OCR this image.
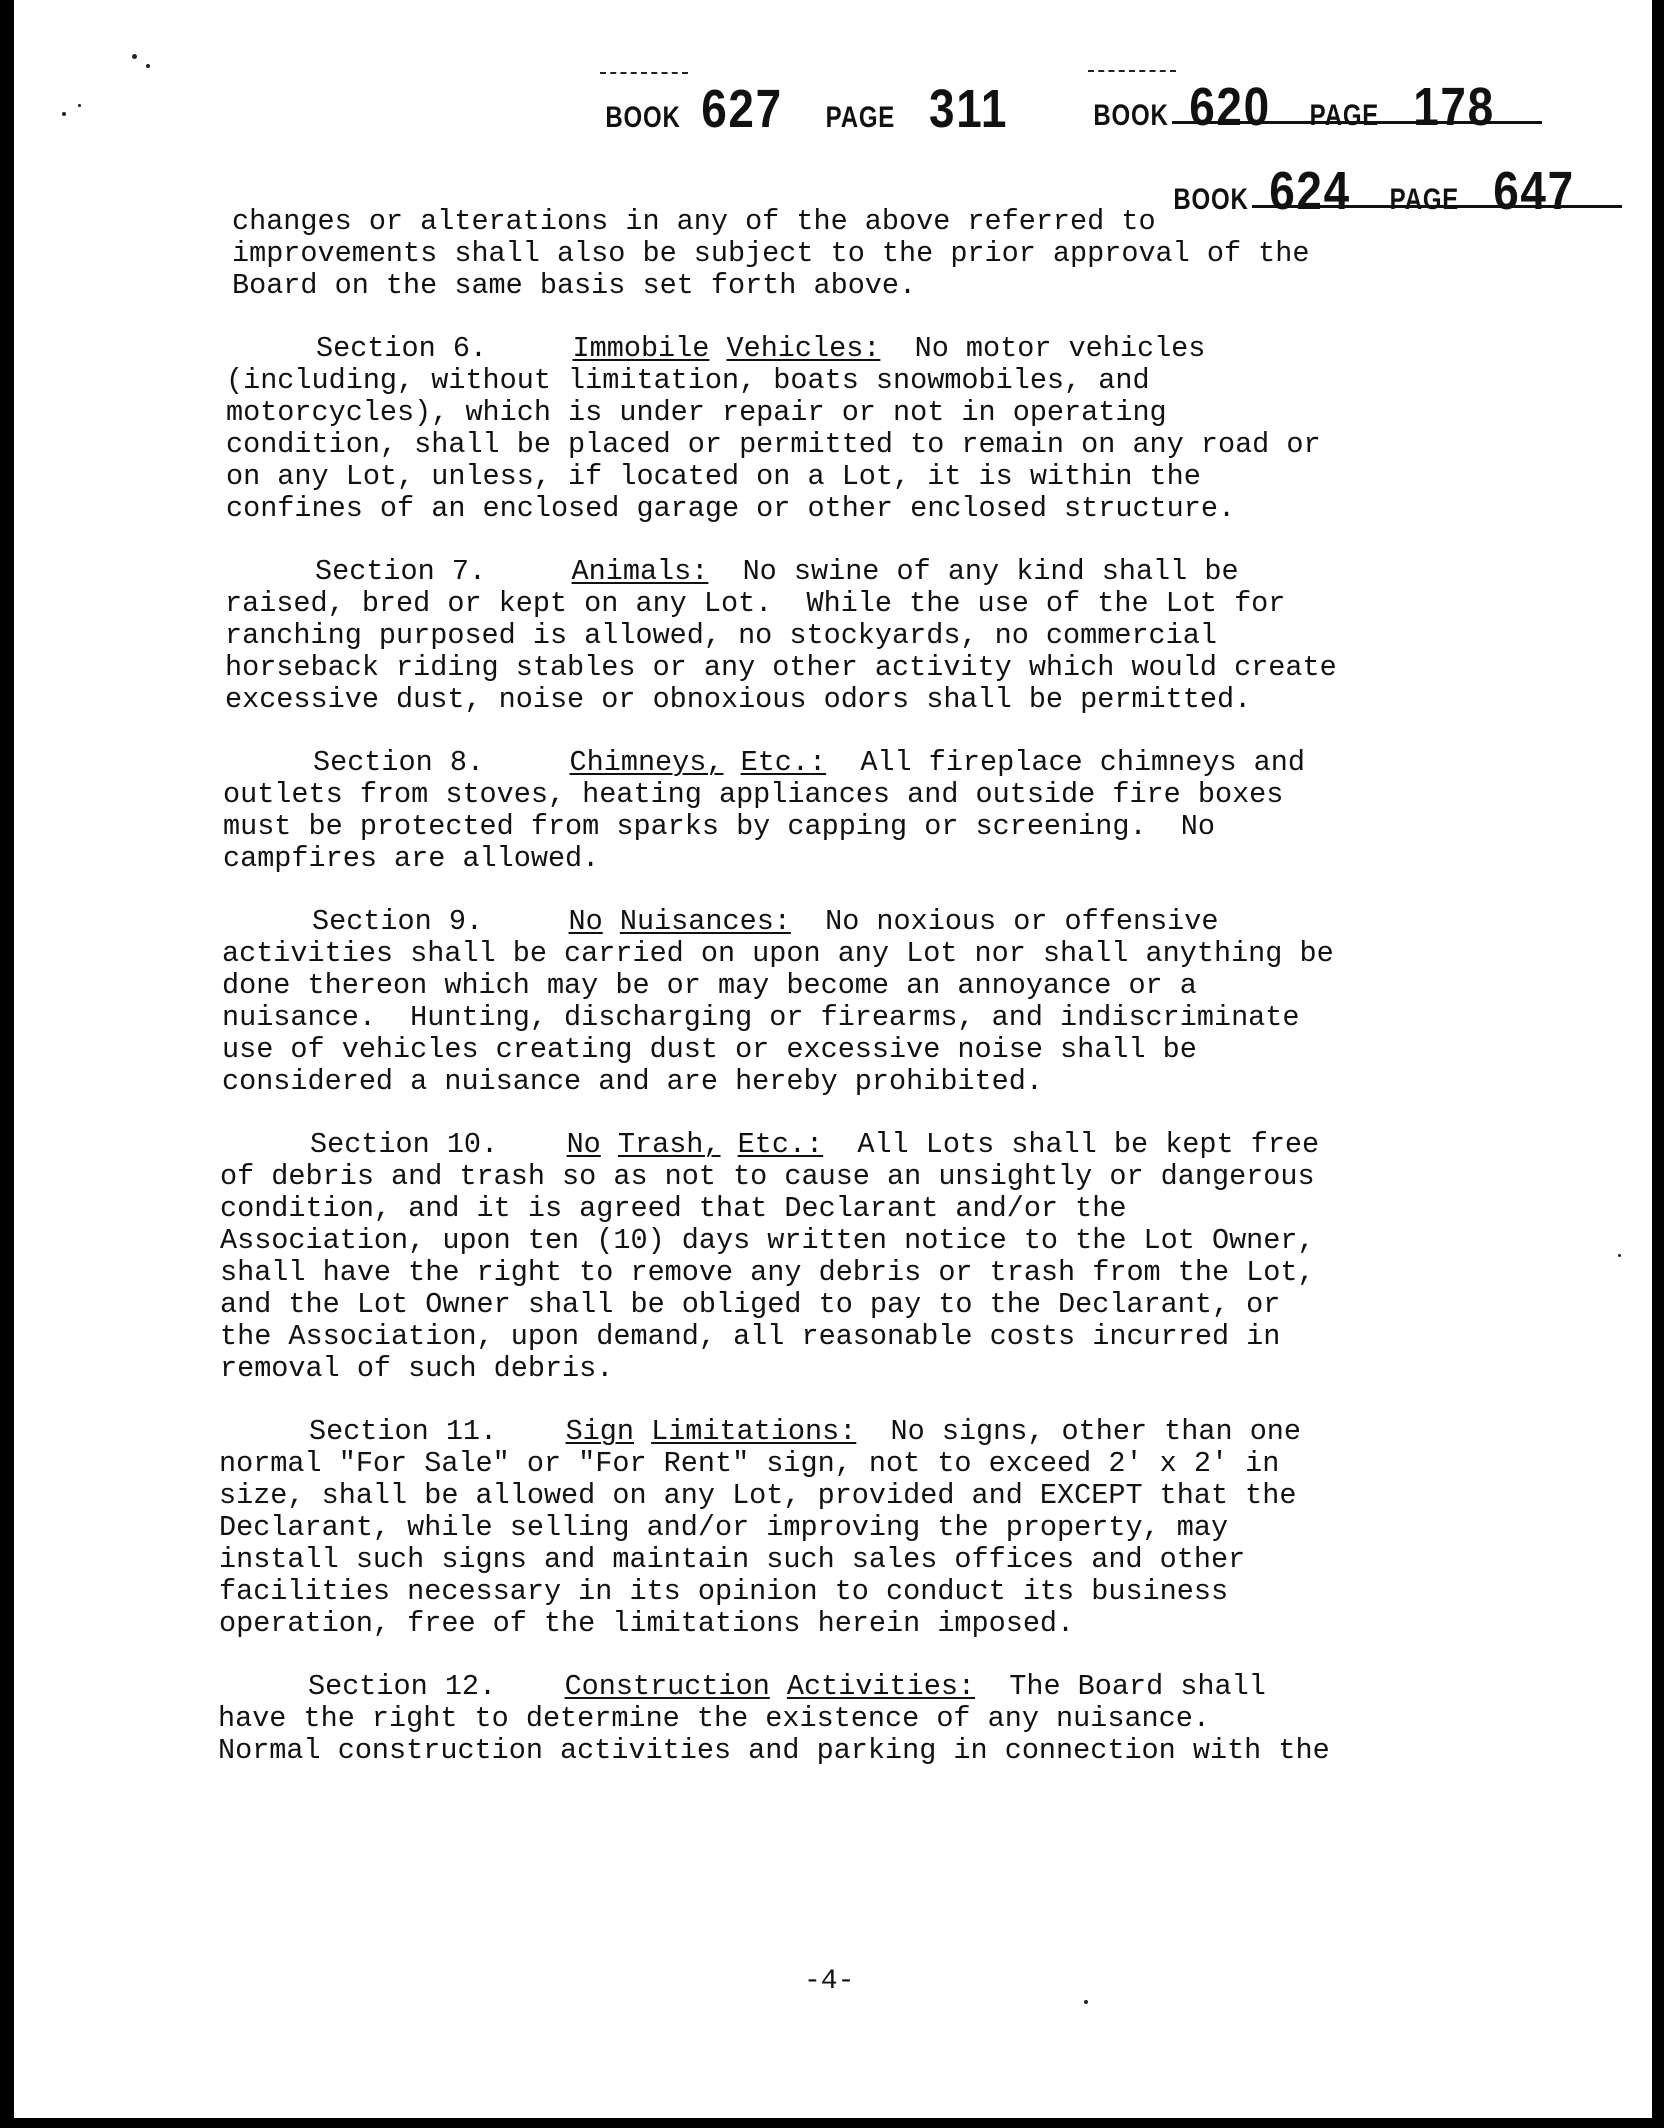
BOOK 627 PAGE 311	BOOK 620 PAGE 178
BOOK 624 PAGE 647
changes or alterations in any of the above referred to
improvements shall also be subject to the prior approval of the
Board on the same basis set forth above.
Section 6.	Immobile Vehicles:  No motor vehicles
(including, without limitation, boats snowmobiles, and
motorcycles), which is under repair or not in operating
condition, shall be placed or permitted to remain on any road or
on any Lot, unless, if located on a Lot, it is within the
confines of an enclosed garage or other enclosed structure.
Section 7.	Animals:  No swine of any kind shall be
raised, bred or kept on any Lot.  While the use of the Lot for
ranching purposed is allowed, no stockyards, no commercial
horseback riding stables or any other activity which would create
excessive dust, noise or obnoxious odors shall be permitted.
Section 8.	Chimneys, Etc.:  All fireplace chimneys and
outlets from stoves, heating appliances and outside fire boxes
must be protected from sparks by capping or screening.  No
campfires are allowed.
Section 9.	No Nuisances:  No noxious or offensive
activities shall be carried on upon any Lot nor shall anything be
done thereon which may be or may become an annoyance or a
nuisance.  Hunting, discharging or firearms, and indiscriminate
use of vehicles creating dust or excessive noise shall be
considered a nuisance and are hereby prohibited.
Section 10. No Trash, Etc.:  All Lots shall be kept free
of debris and trash so as not to cause an unsightly or dangerous
condition, and it is agreed that Declarant and/or the
Association, upon ten (10) days written notice to the Lot Owner,
shall have the right to remove any debris or trash from the Lot,
and the Lot Owner shall be obliged to pay to the Declarant, or
the Association, upon demand, all reasonable costs incurred in
removal of such debris.
Section 11. Sign Limitations:  No signs, other than one
normal "For Sale" or "For Rent" sign, not to exceed 2' x 2' in
size, shall be allowed on any Lot, provided and EXCEPT that the
Declarant, while selling and/or improving the property, may
install such signs and maintain such sales offices and other
facilities necessary in its opinion to conduct its business
operation, free of the limitations herein imposed.
Section 12. Construction Activities:  The Board shall
have the right to determine the existence of any nuisance.
Normal construction activities and parking in connection with the
-4-
